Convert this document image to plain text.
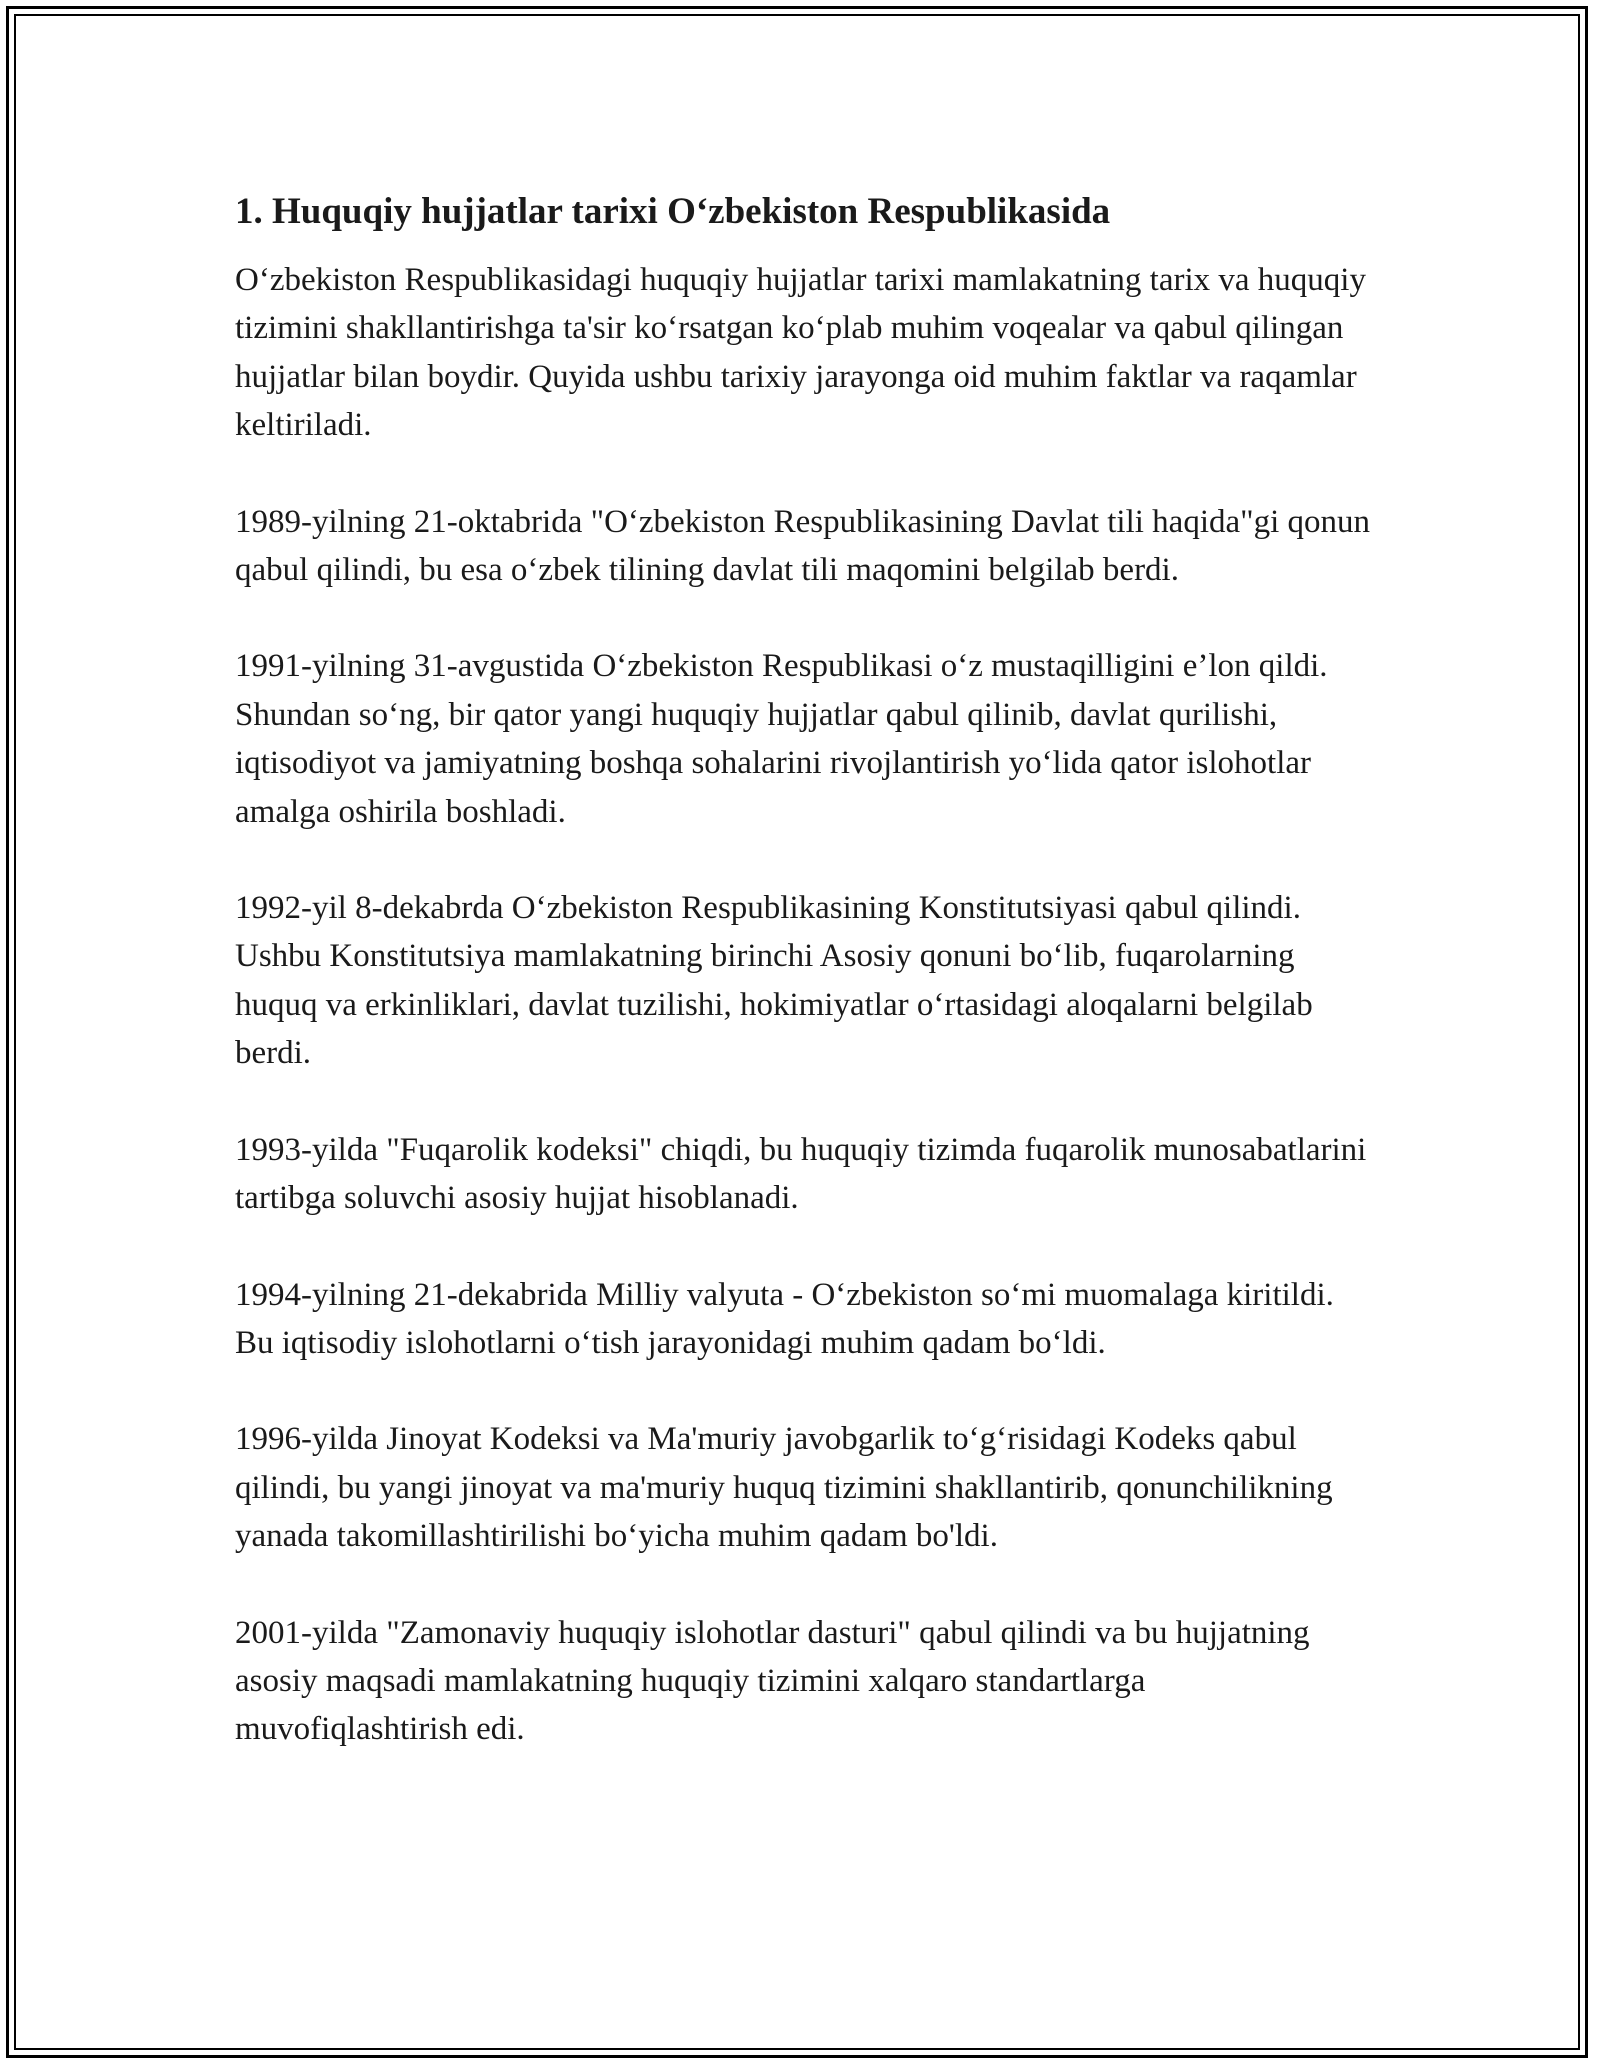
1. Huquqiy hujjatlar tarixi O‘zbekiston Respublikasida

O‘zbekiston Respublikasidagi huquqiy hujjatlar tarixi mamlakatning tarix va huquqiy tizimini shakllantirishga ta'sir ko‘rsatgan ko‘plab muhim voqealar va qabul qilingan hujjatlar bilan boydir. Quyida ushbu tarixiy jarayonga oid muhim faktlar va raqamlar keltiriladi.

1989-yilning 21-oktabrida "O‘zbekiston Respublikasining Davlat tili haqida"gi qonun qabul qilindi, bu esa o‘zbek tilining davlat tili maqomini belgilab berdi.

1991-yilning 31-avgustida O‘zbekiston Respublikasi o‘z mustaqilligini e’lon qildi. Shundan so‘ng, bir qator yangi huquqiy hujjatlar qabul qilinib, davlat qurilishi, iqtisodiyot va jamiyatning boshqa sohalarini rivojlantirish yo‘lida qator islohotlar amalga oshirila boshladi.

1992-yil 8-dekabrda O‘zbekiston Respublikasining Konstitutsiyasi qabul qilindi. Ushbu Konstitutsiya mamlakatning birinchi Asosiy qonuni bo‘lib, fuqarolarning huquq va erkinliklari, davlat tuzilishi, hokimiyatlar o‘rtasidagi aloqalarni belgilab berdi.

1993-yilda "Fuqarolik kodeksi" chiqdi, bu huquqiy tizimda fuqarolik munosabatlarini tartibga soluvchi asosiy hujjat hisoblanadi.

1994-yilning 21-dekabrida Milliy valyuta - O‘zbekiston so‘mi muomalaga kiritildi. Bu iqtisodiy islohotlarni o‘tish jarayonidagi muhim qadam bo‘ldi.

1996-yilda Jinoyat Kodeksi va Ma'muriy javobgarlik to‘g‘risidagi Kodeks qabul qilindi, bu yangi jinoyat va ma'muriy huquq tizimini shakllantirib, qonunchilikning yanada takomillashtirilishi bo‘yicha muhim qadam bo'ldi.

2001-yilda "Zamonaviy huquqiy islohotlar dasturi" qabul qilindi va bu hujjatning asosiy maqsadi mamlakatning huquqiy tizimini xalqaro standartlarga muvofiqlashtirish edi.
